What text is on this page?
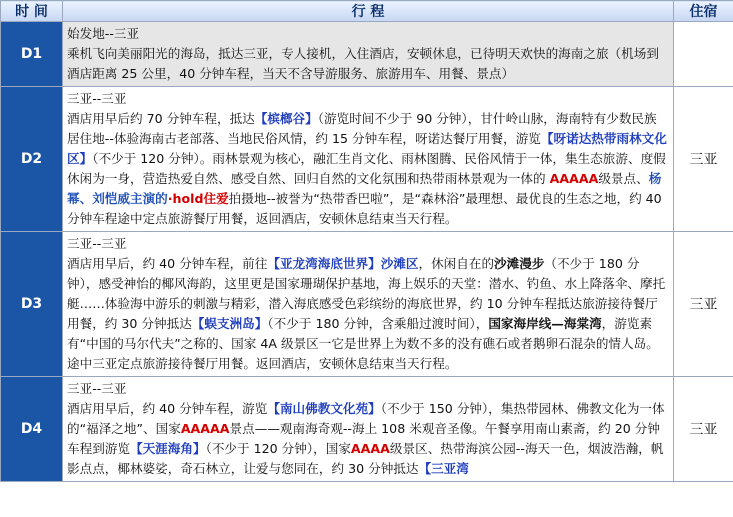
时 间	行 程	住宿
D1	始发地--三亚
乘机飞向美丽阳光的海岛，抵达三亚，专人接机，入住酒店，安顿休息，已待明天欢快的海南之旅（机场到酒店距离 25 公里，40 分钟车程，当天不含导游服务、旅游用车、用餐、景点）	
D2	三亚--三亚
酒店用早后约 70 分钟车程，抵达【槟榔谷】（游览时间不少于 90 分钟），甘什岭山脉，海南特有少数民族居住地--体验海南古老部落、当地民俗风情，约 15 分钟车程，呀诺达餐厅用餐，游览【呀诺达热带雨林文化区】（不少于 120 分钟）。雨林景观为核心，融汇生肖文化、雨林图腾、民俗风情于一体，集生态旅游、度假休闲为一身，营造热爱自然、感受自然、回归自然的文化氛围和热带雨林景观为一体的 AAAAA级景点、杨幂、刘恺威主演的·hold住爱拍摄地--被誉为“热带香巴啦”，是“森林浴”最理想、最优良的生态之地，约 40 分钟车程途中定点旅游餐厅用餐，返回酒店，安顿休息结束当天行程。	三亚
D3	三亚--三亚
酒店用早后，约 40 分钟车程，前往【亚龙湾海底世界】沙滩区，休闲自在的沙滩漫步（不少于 180 分钟），感受神怡的椰风海韵，这里更是国家珊瑚保护基地，海上娱乐的天堂：潜水、钓鱼、水上降落伞、摩托艇……体验海中游乐的刺激与精彩，潜入海底感受色彩缤纷的海底世界，约 10 分钟车程抵达旅游接待餐厅用餐，约 30 分钟抵达【蜈支洲岛】（不少于 180 分钟，含乘船过渡时间），国家海岸线—海棠湾，游览素有“中国的马尔代夫”之称的、国家 4A 级景区一它是世界上为数不多的没有礁石或者鹅卵石混杂的情人岛。途中三亚定点旅游接待餐厅用餐。返回酒店，安顿休息结束当天行程。	三亚
D4	三亚--三亚
酒店用早后，约 40 分钟车程，游览【南山佛教文化苑】（不少于 150 分钟），集热带园林、佛教文化为一体的“福泽之地”、国家AAAAA景点——观南海奇观--海上 108 米观音圣像。午餐享用南山素斋，约 20 分钟车程到游览【天涯海角】（不少于 120 分钟），国家AAAA级景区、热带海滨公园--海天一色，烟波浩瀚，帆影点点，椰林婆娑，奇石林立，让爱与您同在，约 30 分钟抵达【三亚湾	三亚
